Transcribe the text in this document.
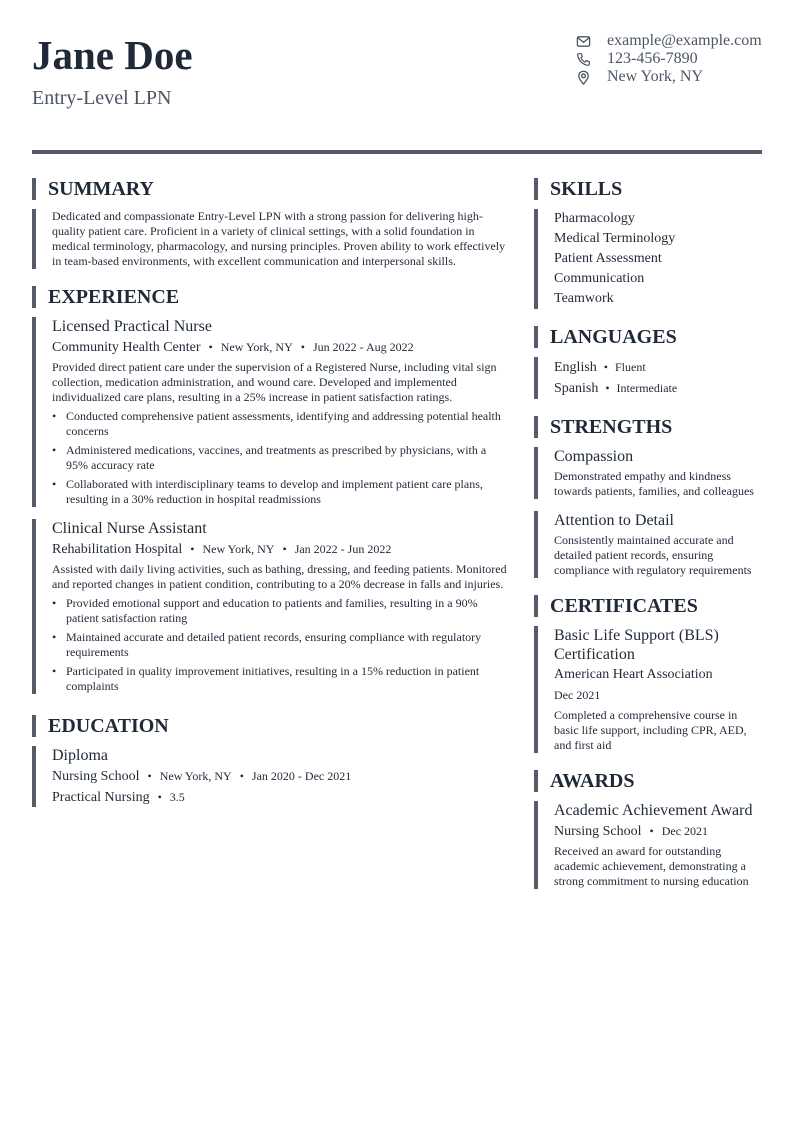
Jane Doe
Entry-Level LPN
example@example.com
123-456-7890
New York, NY
SUMMARY

Dedicated and compassionate Entry-Level LPN with a strong passion for delivering high-quality patient care. Proficient in a variety of clinical settings, with a solid foundation in medical terminology, pharmacology, and nursing principles. Proven ability to work effectively in team-based environments, with excellent communication and interpersonal skills.

EXPERIENCE
Licensed Practical Nurse
Community Health Center • New York, NY • Jun 2022 - Aug 2022

Provided direct patient care under the supervision of a Registered Nurse, including vital sign collection, medication administration, and wound care. Developed and implemented individualized care plans, resulting in a 25% increase in patient satisfaction ratings.

• Conducted comprehensive patient assessments, identifying and addressing potential health concerns
• Administered medications, vaccines, and treatments as prescribed by physicians, with a 95% accuracy rate
• Collaborated with interdisciplinary teams to develop and implement patient care plans, resulting in a 30% reduction in hospital readmissions
Clinical Nurse Assistant
Rehabilitation Hospital • New York, NY • Jan 2022 - Jun 2022

Assisted with daily living activities, such as bathing, dressing, and feeding patients. Monitored and reported changes in patient condition, contributing to a 20% decrease in falls and injuries.

• Provided emotional support and education to patients and families, resulting in a 90% patient satisfaction rating
• Maintained accurate and detailed patient records, ensuring compliance with regulatory requirements
• Participated in quality improvement initiatives, resulting in a 15% reduction in patient complaints
EDUCATION
Diploma
Nursing School • New York, NY • Jan 2020 - Dec 2021
Practical Nursing • 3.5
SKILLS
Pharmacology
Medical Terminology
Patient Assessment
Communication
Teamwork
LANGUAGES
English • Fluent
Spanish • Intermediate
STRENGTHS
Compassion

Demonstrated empathy and kindness towards patients, families, and colleagues

Attention to Detail

Consistently maintained accurate and detailed patient records, ensuring compliance with regulatory requirements

CERTIFICATES
Basic Life Support (BLS) Certification
American Heart Association
Dec 2021

Completed a comprehensive course in basic life support, including CPR, AED, and first aid

AWARDS
Academic Achievement Award
Nursing School • Dec 2021

Received an award for outstanding academic achievement, demonstrating a strong commitment to nursing education
